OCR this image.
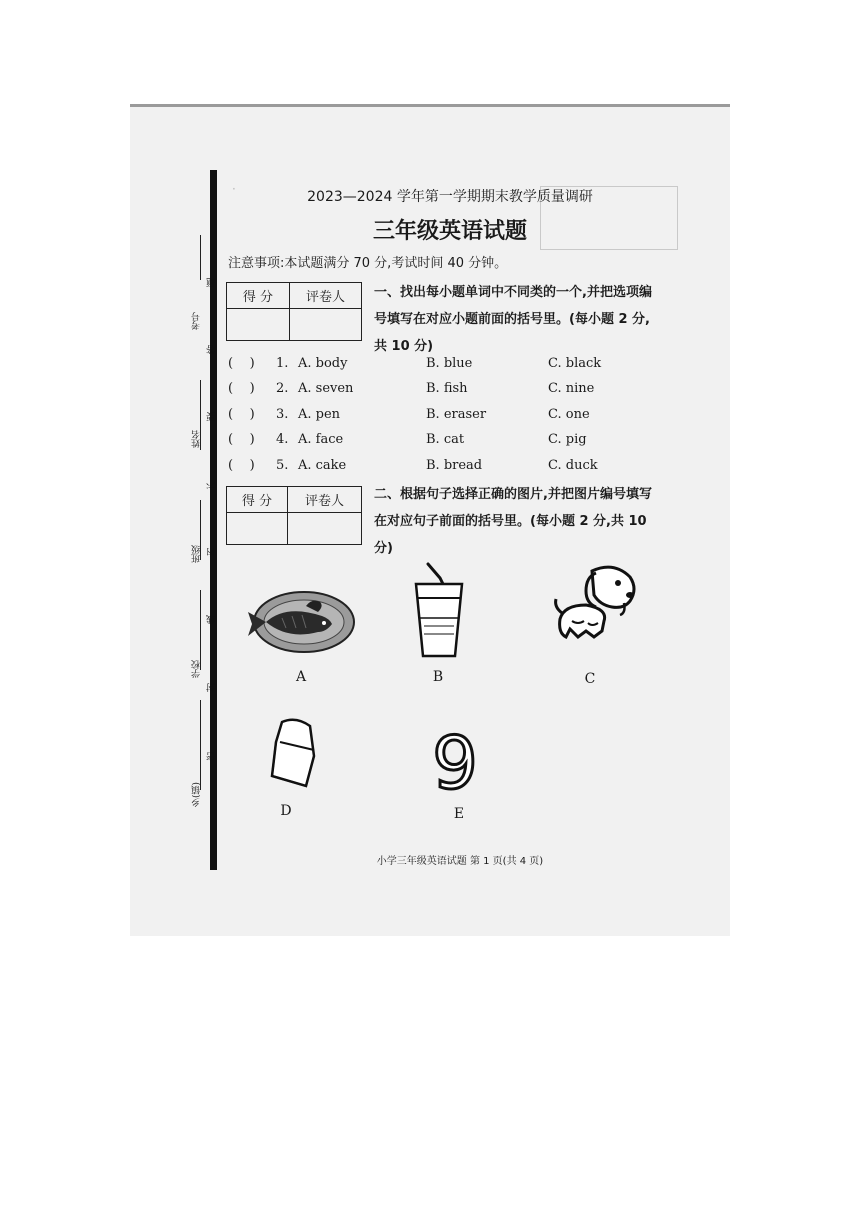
·
考号
姓名
班级
学校
乡(镇)
题
答
要
不
内
线
封
密
2023—2024 学年第一学期期末教学质量调研
三年级英语试题
注意事项:本试题满分 70 分,考试时间 40 分钟。
得 分	评卷人
	一、找出每小题单词中不同类的一个,并把选项编号填写在对应小题前面的括号里。(每小题 2 分,共 10 分)
(    ) 1. A. body	B. blue	C. black
(    ) 2. A. seven	B. fish	C. nine
(    ) 3. A. pen	B. eraser	C. one
(    ) 4. A. face	B. cat	C. pig
(    ) 5. A. cake	B. bread	C. duck
得 分	评卷人
	二、根据句子选择正确的图片,并把图片编号填写在对应句子前面的括号里。(每小题 2 分,共 10 分)
A	B	C
D
9
E
小学三年级英语试题 第 1 页(共 4 页)
